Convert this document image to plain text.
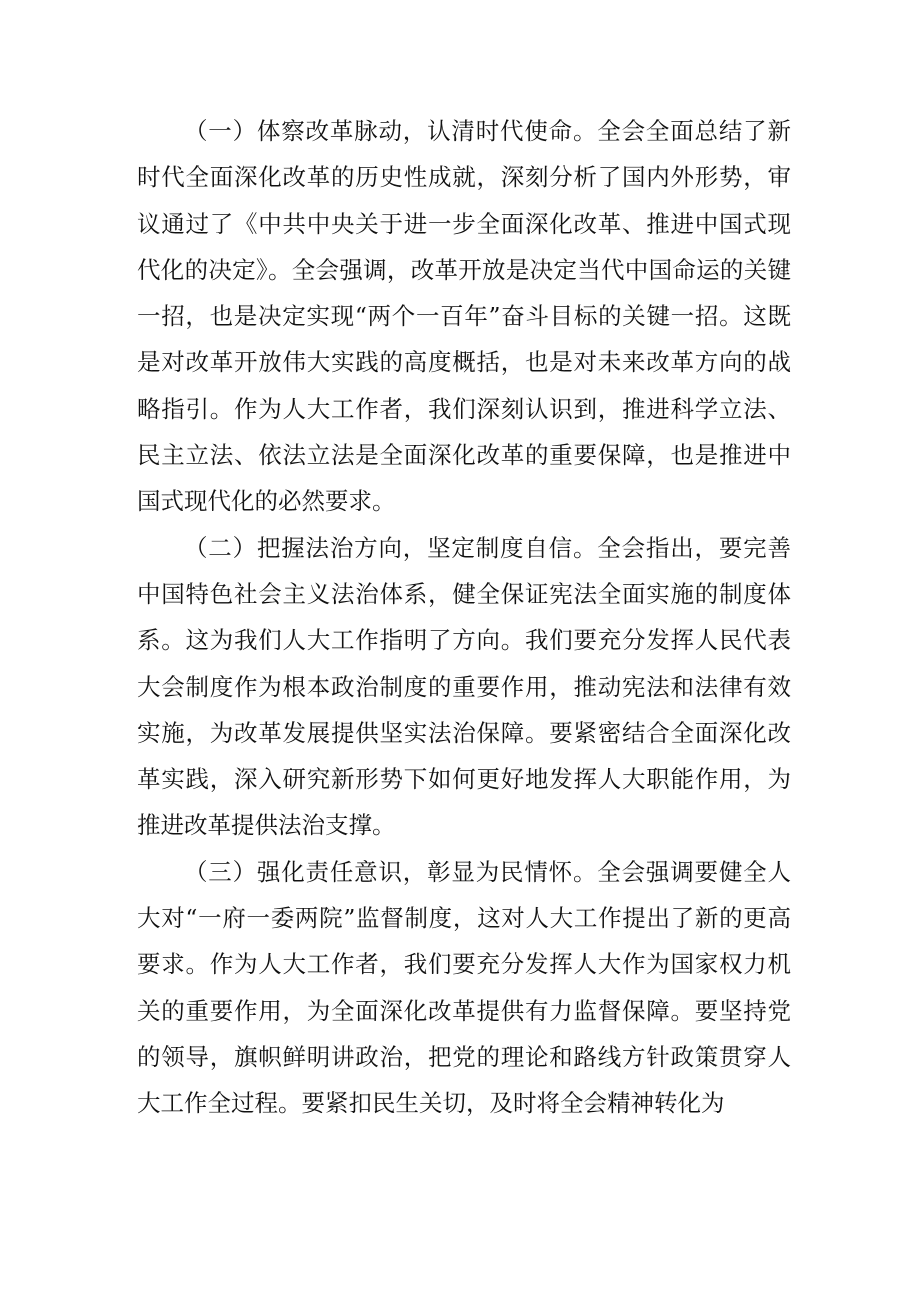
（一）体察改革脉动，认清时代使命。全会全面总结了新时代全面深化改革的历史性成就，深刻分析了国内外形势，审议通过了《中共中央关于进一步全面深化改革、推进中国式现代化的决定》。全会强调，改革开放是决定当代中国命运的关键一招，也是决定实现“两个一百年”奋斗目标的关键一招。这既是对改革开放伟大实践的高度概括，也是对未来改革方向的战略指引。作为人大工作者，我们深刻认识到，推进科学立法、民主立法、依法立法是全面深化改革的重要保障，也是推进中国式现代化的必然要求。

（二）把握法治方向，坚定制度自信。全会指出，要完善中国特色社会主义法治体系，健全保证宪法全面实施的制度体系。这为我们人大工作指明了方向。我们要充分发挥人民代表大会制度作为根本政治制度的重要作用，推动宪法和法律有效实施，为改革发展提供坚实法治保障。要紧密结合全面深化改革实践，深入研究新形势下如何更好地发挥人大职能作用，为推进改革提供法治支撑。

（三）强化责任意识，彰显为民情怀。全会强调要健全人大对“一府一委两院”监督制度，这对人大工作提出了新的更高要求。作为人大工作者，我们要充分发挥人大作为国家权力机关的重要作用，为全面深化改革提供有力监督保障。要坚持党的领导，旗帜鲜明讲政治，把党的理论和路线方针政策贯穿人大工作全过程。要紧扣民生关切，及时将全会精神转化为
